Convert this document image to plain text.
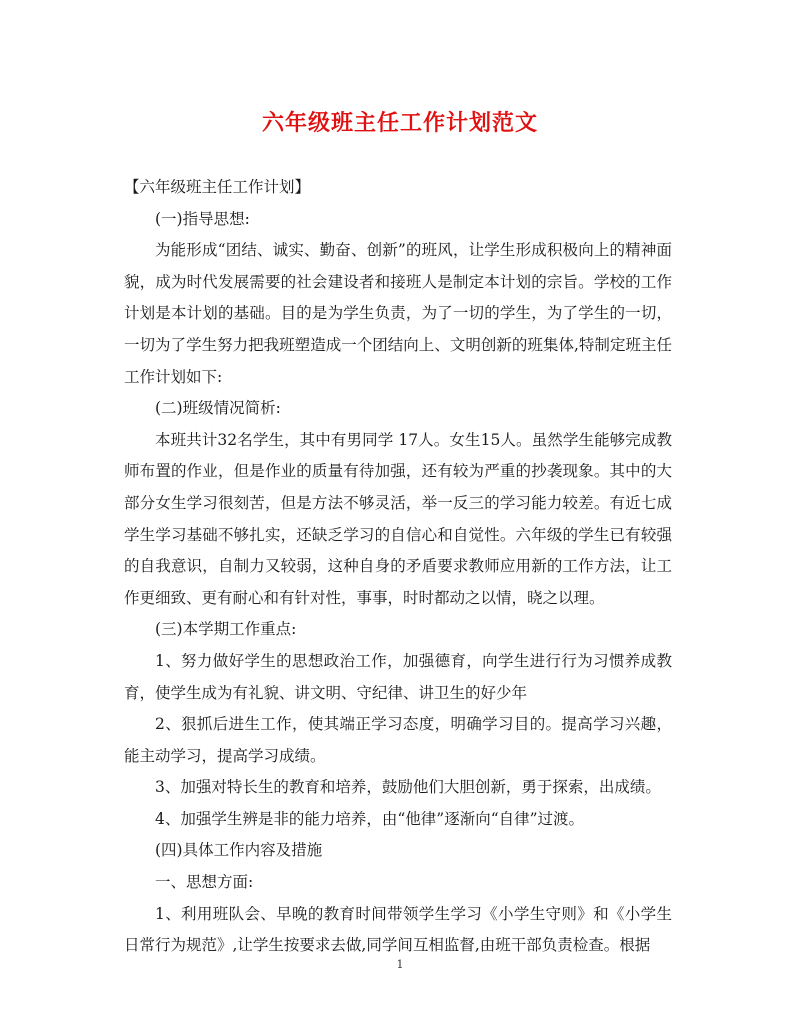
六年级班主任工作计划范文

【六年级班主任工作计划】

(一)指导思想:

为能形成“团结、诚实、勤奋、创新”的班风，让学生形成积极向上的精神面貌，成为时代发展需要的社会建设者和接班人是制定本计划的宗旨。学校的工作计划是本计划的基础。目的是为学生负责，为了一切的学生，为了学生的一切，一切为了学生努力把我班塑造成一个团结向上、文明创新的班集体,特制定班主任工作计划如下:

(二)班级情况简析:

本班共计32名学生，其中有男同学 17人。女生15人。虽然学生能够完成教师布置的作业，但是作业的质量有待加强，还有较为严重的抄袭现象。其中的大部分女生学习很刻苦，但是方法不够灵活，举一反三的学习能力较差。有近七成学生学习基础不够扎实，还缺乏学习的自信心和自觉性。六年级的学生已有较强的自我意识，自制力又较弱，这种自身的矛盾要求教师应用新的工作方法，让工作更细致、更有耐心和有针对性，事事，时时都动之以情，晓之以理。

(三)本学期工作重点:

1、努力做好学生的思想政治工作，加强德育，向学生进行行为习惯养成教育，使学生成为有礼貌、讲文明、守纪律、讲卫生的好少年

2、狠抓后进生工作，使其端正学习态度，明确学习目的。提高学习兴趣，能主动学习，提高学习成绩。

3、加强对特长生的教育和培养，鼓励他们大胆创新，勇于探索，出成绩。

4、加强学生辨是非的能力培养，由“他律”逐渐向“自律”过渡。

(四)具体工作内容及措施

一、思想方面:

1、利用班队会、早晚的教育时间带领学生学习《小学生守则》和《小学生日常行为规范》,让学生按要求去做,同学间互相监督,由班干部负责检查。根据

1
